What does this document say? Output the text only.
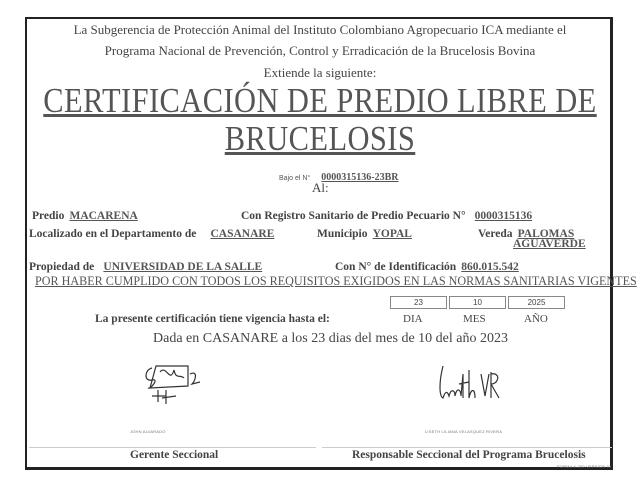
La Subgerencia de Protección Animal del Instituto Colombiano Agropecuario ICA mediante el
Programa Nacional de Prevención, Control y Erradicación de la Brucelosis Bovina
Extiende la siguiente:
CERTIFICACIÓN DE PREDIO LIBRE DE
BRUCELOSIS
Bajo el N° 0000315136-23BR
Al:
Predio MACARENA	Con Registro Sanitario de Predio Pecuario N° 0000315136
Localizado en el Departamento de CASANARE	Municipio YOPAL	Vereda PALOMAS
AGUAVERDE
Propiedad de UNIVERSIDAD DE LA SALLE	Con N° de Identificación 860.015.542
POR HABER CUMPLIDO CON TODOS LOS REQUISITOS EXIGIDOS EN LAS NORMAS SANITARIAS VIGENTES
23	10	2025
La presente certificación tiene vigencia hasta el:	DIA	MES	AÑO
Dada en CASANARE a los 23 dias del mes de 10 del año 2023
JOHN ALVARADO	LISETH LILIANA VELASQUEZ RIVERA
Gerente Seccional	Responsable Seccional del Programa Brucelosis
FORMA 4-200 VERSION 01
